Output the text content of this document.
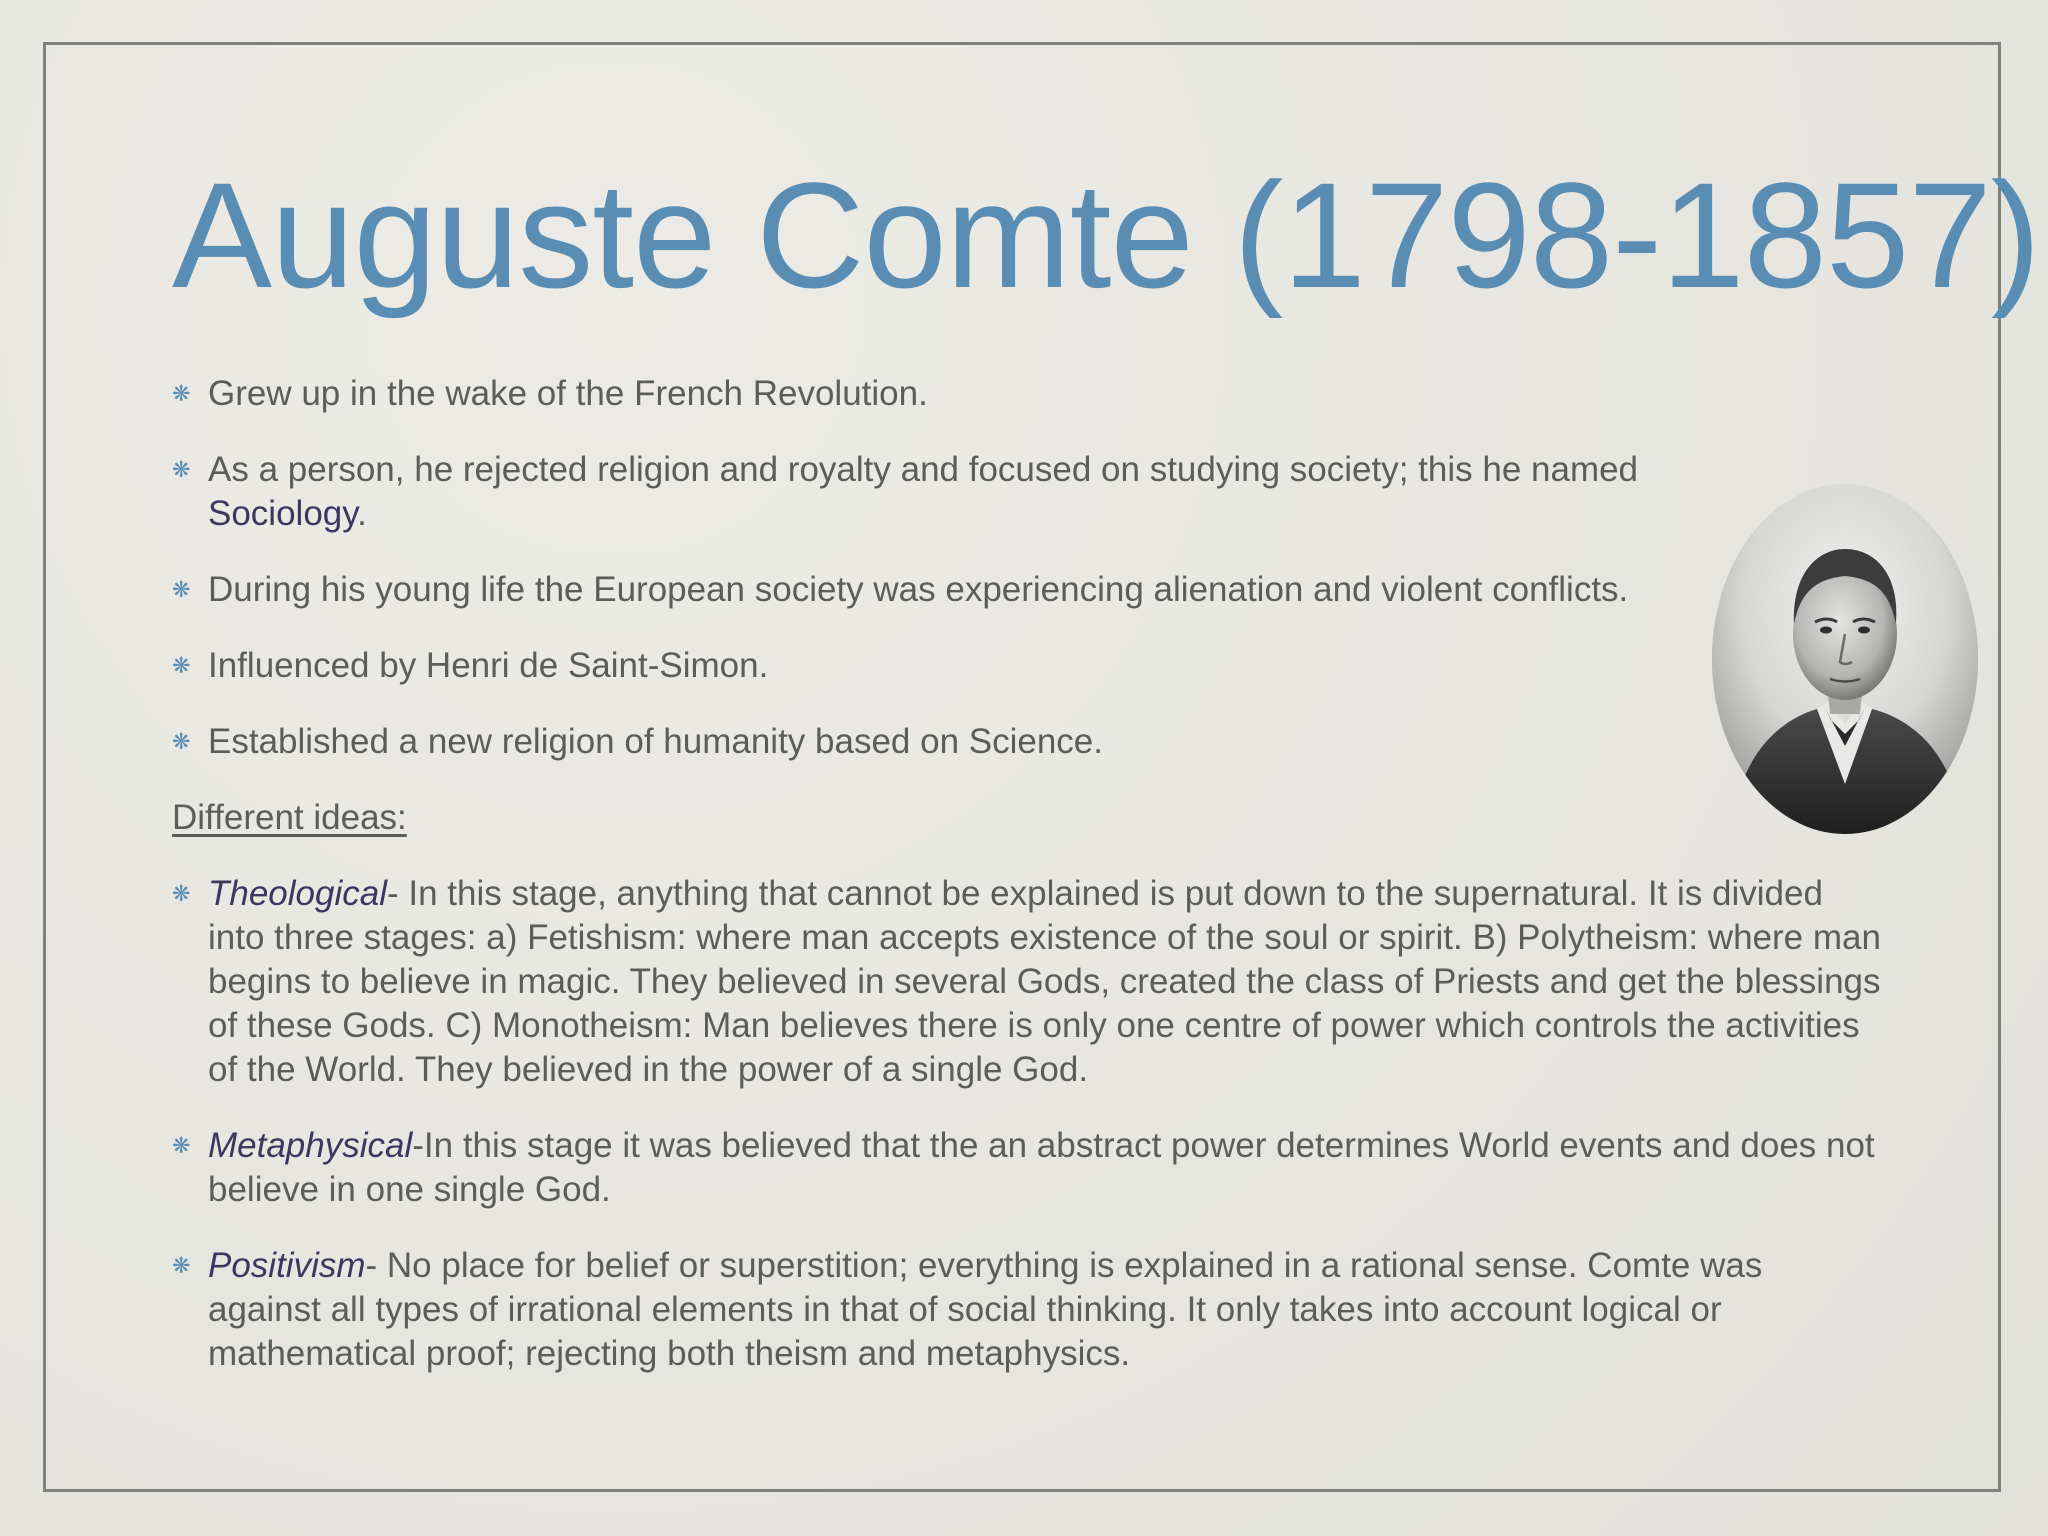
Auguste Comte (1798-1857)
❋ Grew up in the wake of the French Revolution.
❋ As a person, he rejected religion and royalty and focused on studying society; this he named Sociology.
❋ During his young life the European society was experiencing alienation and violent conflicts.
❋ Influenced by Henri de Saint-Simon.
❋ Established a new religion of humanity based on Science.
Different ideas:
❋ Theological- In this stage, anything that cannot be explained is put down to the supernatural. It is divided into three stages: a) Fetishism: where man accepts existence of the soul or spirit. B) Polytheism: where man begins to believe in magic. They believed in several Gods, created the class of Priests and get the blessings of these Gods. C) Monotheism: Man believes there is only one centre of power which controls the activities of the World. They believed in the power of a single God.
❋ Metaphysical-In this stage it was believed that the an abstract power determines World events and does not believe in one single God.
❋ Positivism- No place for belief or superstition; everything is explained in a rational sense. Comte was against all types of irrational elements in that of social thinking. It only takes into account logical or mathematical proof; rejecting both theism and metaphysics.
